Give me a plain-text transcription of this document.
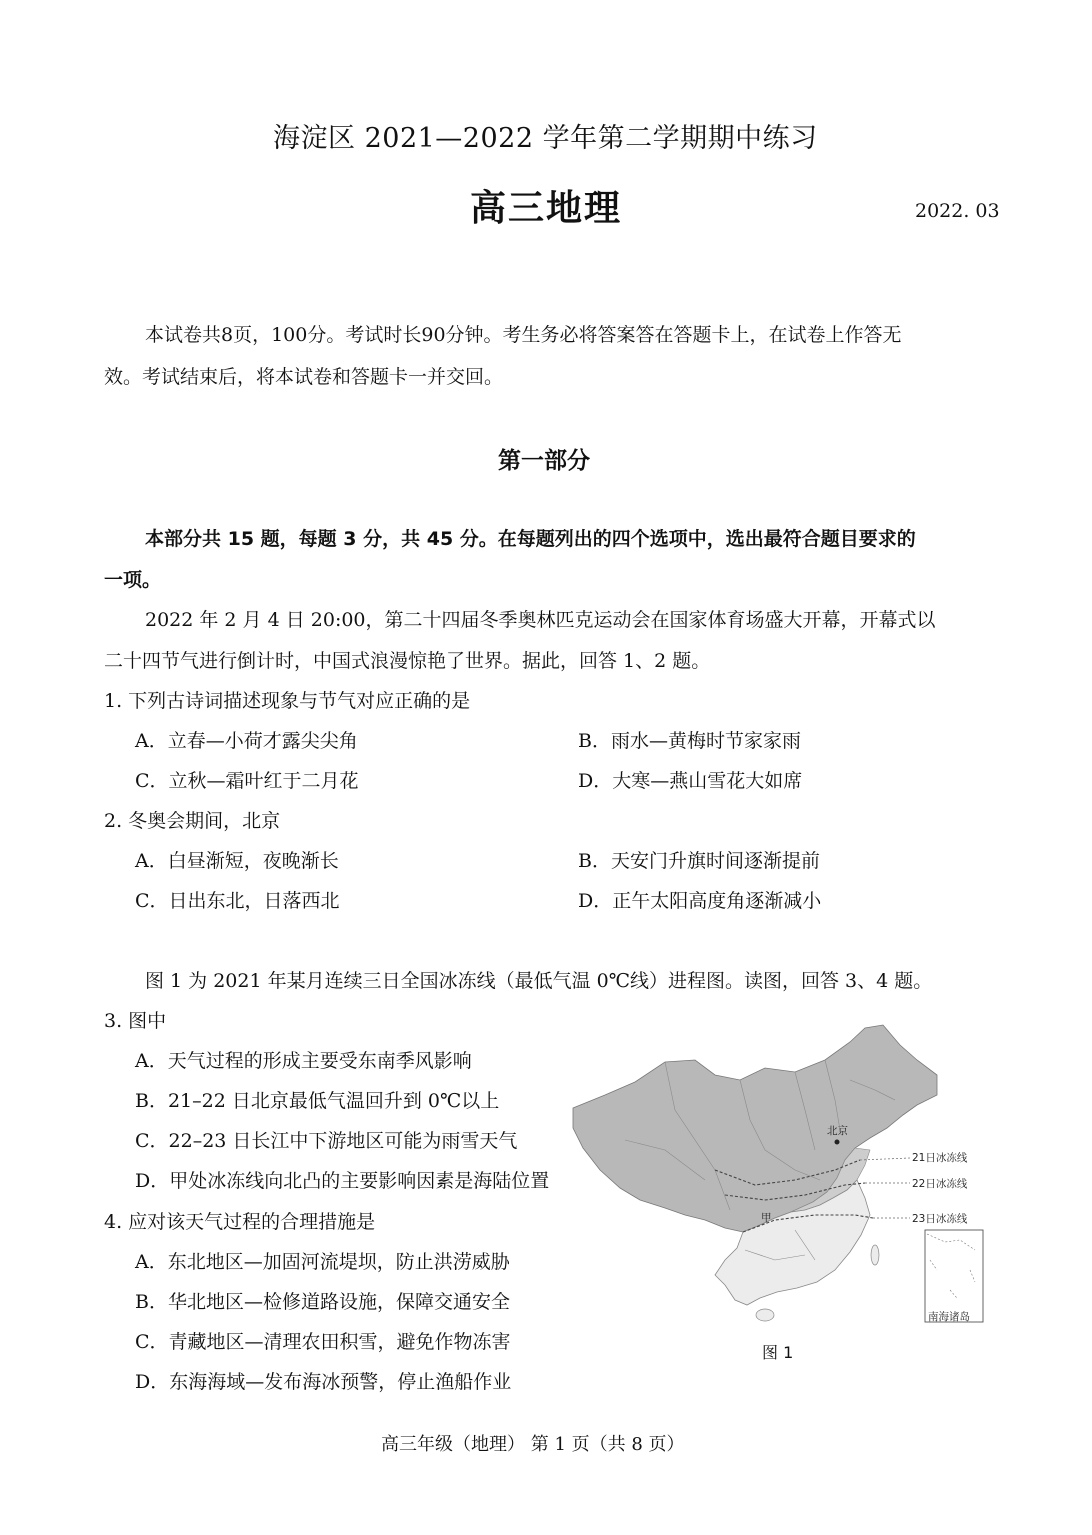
海淀区 2021—2022 学年第二学期期中练习
高三地理	2022. 03
本试卷共8页，100分。考试时长90分钟。考生务必将答案答在答题卡上，在试卷上作答无
效。考试结束后，将本试卷和答题卡一并交回。
第一部分
本部分共 15 题，每题 3 分，共 45 分。在每题列出的四个选项中，选出最符合题目要求的
一项。
2022 年 2 月 4 日 20:00，第二十四届冬季奥林匹克运动会在国家体育场盛大开幕，开幕式以
二十四节气进行倒计时，中国式浪漫惊艳了世界。据此，回答 1、2 题。
1. 下列古诗词描述现象与节气对应正确的是
A．立春—小荷才露尖尖角	B．雨水—黄梅时节家家雨
C．立秋—霜叶红于二月花	D．大寒—燕山雪花大如席
2. 冬奥会期间，北京
A．白昼渐短，夜晚渐长	B．天安门升旗时间逐渐提前
C．日出东北，日落西北	D．正午太阳高度角逐渐减小
图 1 为 2021 年某月连续三日全国冰冻线（最低气温 0℃线）进程图。读图，回答 3、4 题。
3. 图中
A．天气过程的形成主要受东南季风影响
B．21–22 日北京最低气温回升到 0℃以上
C．22–23 日长江中下游地区可能为雨雪天气
D．甲处冰冻线向北凸的主要影响因素是海陆位置
4. 应对该天气过程的合理措施是
A．东北地区—加固河流堤坝，防止洪涝威胁
B．华北地区—检修道路设施，保障交通安全
C．青藏地区—清理农田积雪，避免作物冻害
D．东海海域—发布海冰预警，停止渔船作业
北京
21日冰冻线
22日冰冻线
23日冰冻线
甲
南海诸岛
图 1
高三年级（地理） 第 1 页（共 8 页）
